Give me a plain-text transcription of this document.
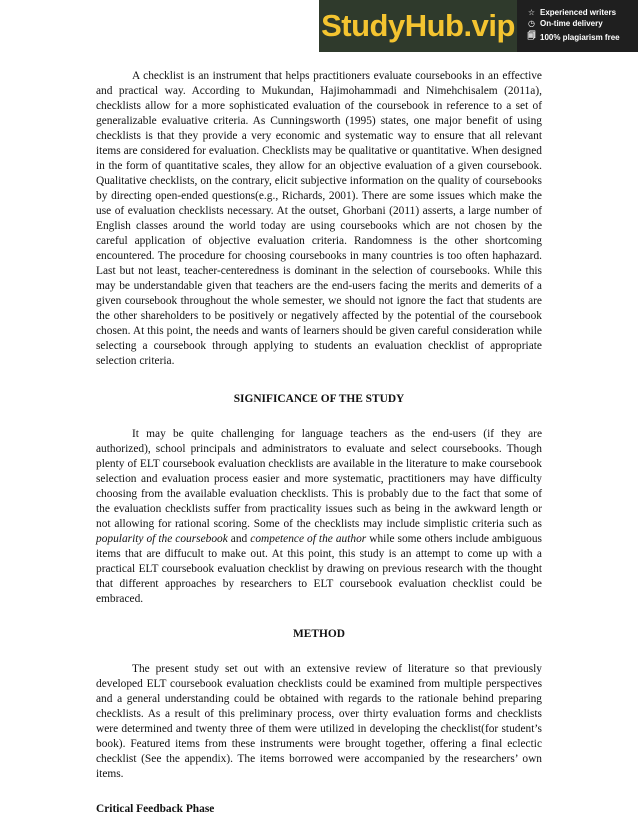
StudyHub.vip ☆ Experienced writers
◷ On-time delivery
🗐 100% plagiarism free

A checklist is an instrument that helps practitioners evaluate coursebooks in an effective and practical way. According to Mukundan, Hajimohammadi and Nimehchisalem (2011a), checklists allow for a more sophisticated evaluation of the coursebook in reference to a set of generalizable evaluative criteria. As Cunningsworth (1995) states, one major benefit of using checklists is that they provide a very economic and systematic way to ensure that all relevant items are considered for evaluation. Checklists may be qualitative or quantitative. When designed in the form of quantitative scales, they allow for an objective evaluation of a given coursebook. Qualitative checklists, on the contrary, elicit subjective information on the quality of coursebooks by directing open-ended questions(e.g., Richards, 2001). There are some issues which make the use of evaluation checklists necessary. At the outset, Ghorbani (2011) asserts, a large number of English classes around the world today are using coursebooks which are not chosen by the careful application of objective evaluation criteria. Randomness is the other shortcoming encountered. The procedure for choosing coursebooks in many countries is too often haphazard. Last but not least, teacher-centeredness is dominant in the selection of coursebooks. While this may be understandable given that teachers are the end-users facing the merits and demerits of a given coursebook throughout the whole semester, we should not ignore the fact that students are the other shareholders to be positively or negatively affected by the potential of the coursebook chosen. At this point, the needs and wants of learners should be given careful consideration while selecting a coursebook through applying to students an evaluation checklist of appropriate selection criteria.

SIGNIFICANCE OF THE STUDY

It may be quite challenging for language teachers as the end-users (if they are authorized), school principals and administrators to evaluate and select coursebooks. Though plenty of ELT coursebook evaluation checklists are available in the literature to make coursebook selection and evaluation process easier and more systematic, practitioners may have difficulty choosing from the available evaluation checklists. This is probably due to the fact that some of the evaluation checklists suffer from practicality issues such as being in the awkward length or not allowing for rational scoring. Some of the checklists may include simplistic criteria such as popularity of the coursebook and competence of the author while some others include ambiguous items that are diffucult to make out. At this point, this study is an attempt to come up with a practical ELT coursebook evaluation checklist by drawing on previous research with the thought that different approaches by researchers to ELT coursebook evaluation checklist could be embraced.

METHOD

The present study set out with an extensive review of literature so that previously developed ELT coursebook evaluation checklists could be examined from multiple perspectives and a general understanding could be obtained with regards to the rationale behind preparing checklists. As a result of this preliminary process, over thirty evaluation forms and checklists were determined and twenty three of them were utilized in developing the checklist(for student’s book). Featured items from these instruments were brought together, offering a final eclectic checklist (See the appendix). The items borrowed were accompanied by the researchers’ own items.

Critical Feedback Phase
